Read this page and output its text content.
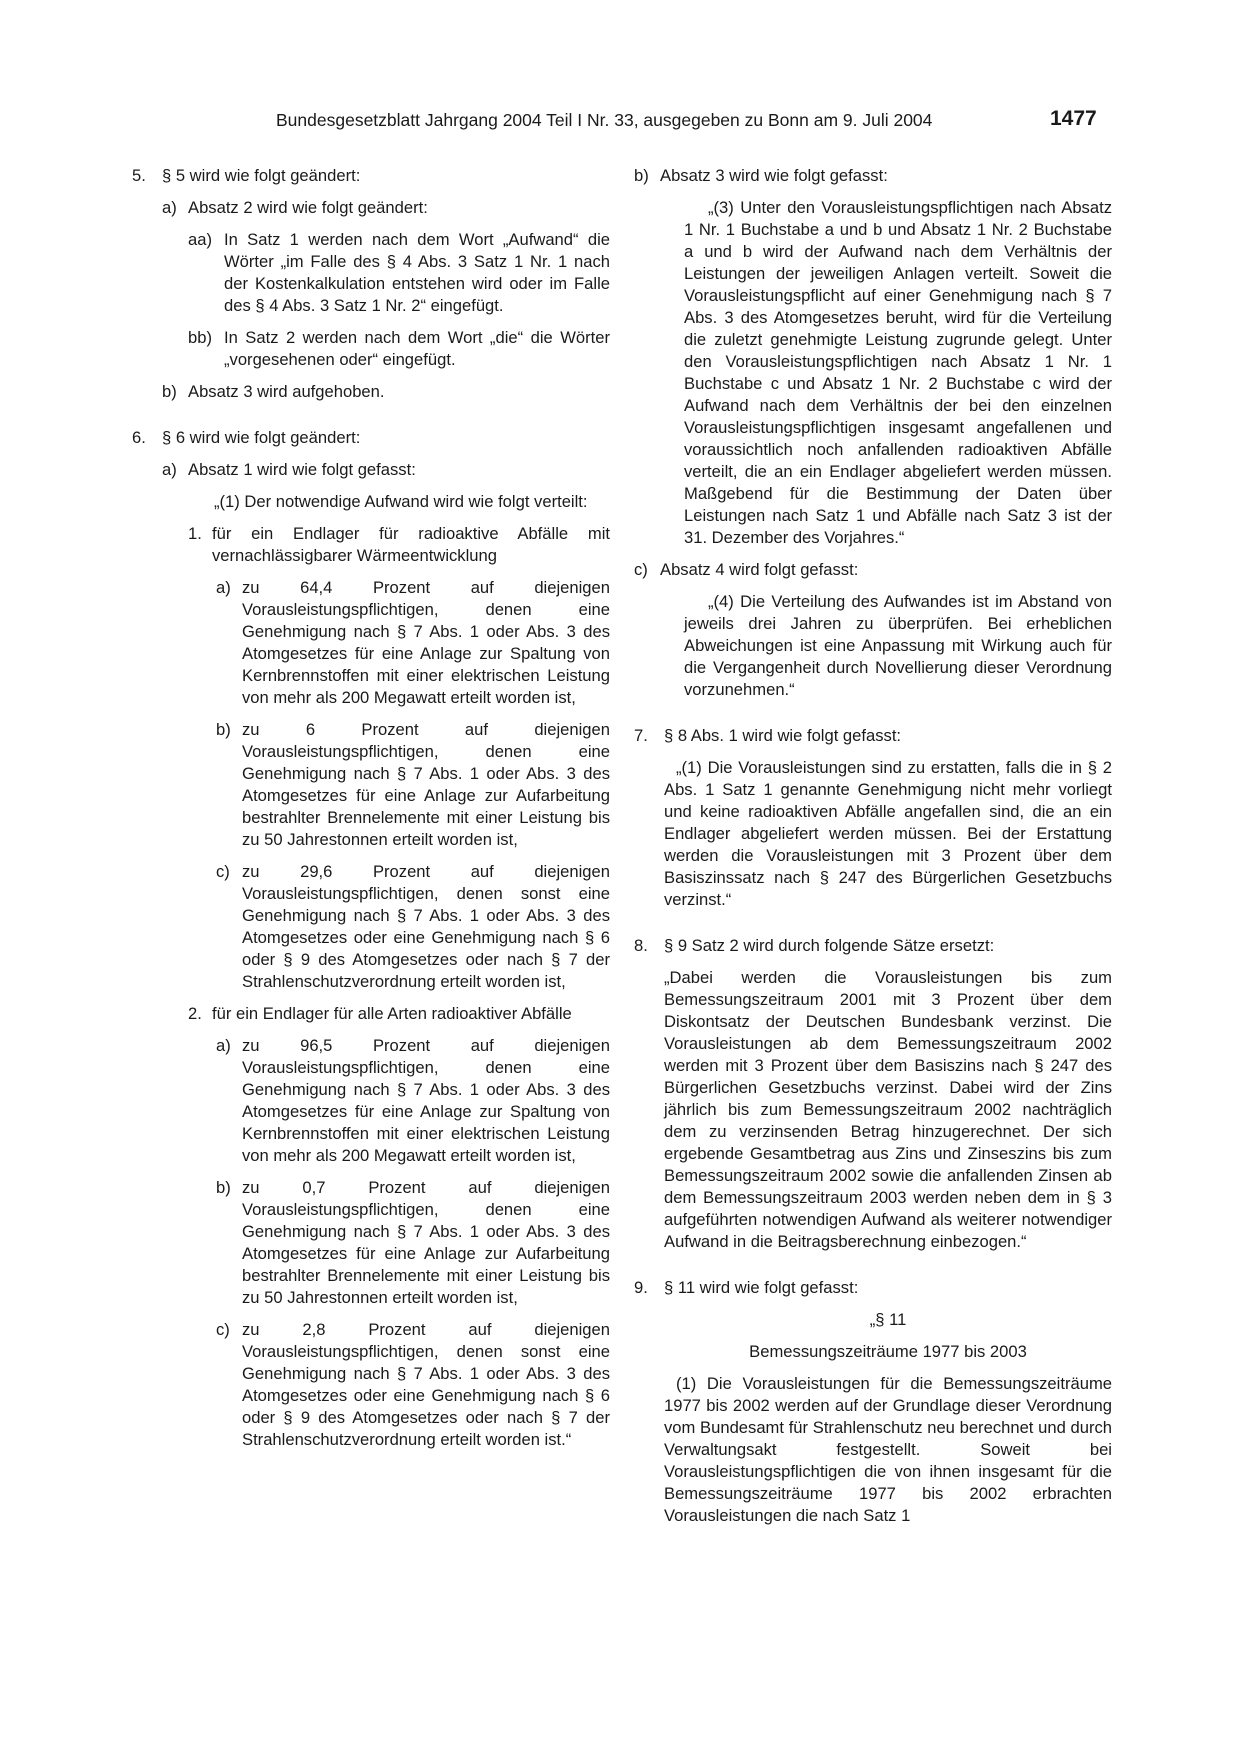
Bundesgesetzblatt Jahrgang 2004 Teil I Nr. 33, ausgegeben zu Bonn am 9. Juli 2004	1477
5. § 5 wird wie folgt geändert:
a) Absatz 2 wird wie folgt geändert:
aa) In Satz 1 werden nach dem Wort „Aufwand“ die Wörter „im Falle des § 4 Abs. 3 Satz 1 Nr. 1 nach der Kostenkalkulation entstehen wird oder im Falle des § 4 Abs. 3 Satz 1 Nr. 2“ eingefügt.
bb) In Satz 2 werden nach dem Wort „die“ die Wörter „vorgesehenen oder“ eingefügt.
b) Absatz 3 wird aufgehoben.
6. § 6 wird wie folgt geändert:
a) Absatz 1 wird wie folgt gefasst:
„(1) Der notwendige Aufwand wird wie folgt verteilt:
1. für ein Endlager für radioaktive Abfälle mit vernachlässigbarer Wärmeentwicklung
a) zu 64,4 Prozent auf diejenigen Vorausleistungspflichtigen, denen eine Genehmigung nach § 7 Abs. 1 oder Abs. 3 des Atomgesetzes für eine Anlage zur Spaltung von Kernbrennstoffen mit einer elektrischen Leistung von mehr als 200 Megawatt erteilt worden ist,
b) zu 6 Prozent auf diejenigen Vorausleistungspflichtigen, denen eine Genehmigung nach § 7 Abs. 1 oder Abs. 3 des Atomgesetzes für eine Anlage zur Aufarbeitung bestrahlter Brennelemente mit einer Leistung bis zu 50 Jahrestonnen erteilt worden ist,
c) zu 29,6 Prozent auf diejenigen Vorausleistungspflichtigen, denen sonst eine Genehmigung nach § 7 Abs. 1 oder Abs. 3 des Atomgesetzes oder eine Genehmigung nach § 6 oder § 9 des Atomgesetzes oder nach § 7 der Strahlenschutzverordnung erteilt worden ist,
2. für ein Endlager für alle Arten radioaktiver Abfälle
a) zu 96,5 Prozent auf diejenigen Vorausleistungspflichtigen, denen eine Genehmigung nach § 7 Abs. 1 oder Abs. 3 des Atomgesetzes für eine Anlage zur Spaltung von Kernbrennstoffen mit einer elektrischen Leistung von mehr als 200 Megawatt erteilt worden ist,
b) zu 0,7 Prozent auf diejenigen Vorausleistungspflichtigen, denen eine Genehmigung nach § 7 Abs. 1 oder Abs. 3 des Atomgesetzes für eine Anlage zur Aufarbeitung bestrahlter Brennelemente mit einer Leistung bis zu 50 Jahrestonnen erteilt worden ist,
c) zu 2,8 Prozent auf diejenigen Vorausleistungspflichtigen, denen sonst eine Genehmigung nach § 7 Abs. 1 oder Abs. 3 des Atomgesetzes oder eine Genehmigung nach § 6 oder § 9 des Atomgesetzes oder nach § 7 der Strahlenschutzverordnung erteilt worden ist.“
b) Absatz 3 wird wie folgt gefasst:
„(3) Unter den Vorausleistungspflichtigen nach Absatz 1 Nr. 1 Buchstabe a und b und Absatz 1 Nr. 2 Buchstabe a und b wird der Aufwand nach dem Verhältnis der Leistungen der jeweiligen Anlagen verteilt. Soweit die Vorausleistungspflicht auf einer Genehmigung nach § 7 Abs. 3 des Atomgesetzes beruht, wird für die Verteilung die zuletzt genehmigte Leistung zugrunde gelegt. Unter den Vorausleistungspflichtigen nach Absatz 1 Nr. 1 Buchstabe c und Absatz 1 Nr. 2 Buchstabe c wird der Aufwand nach dem Verhältnis der bei den einzelnen Vorausleistungspflichtigen insgesamt angefallenen und voraussichtlich noch anfallenden radioaktiven Abfälle verteilt, die an ein Endlager abgeliefert werden müssen. Maßgebend für die Bestimmung der Daten über Leistungen nach Satz 1 und Abfälle nach Satz 3 ist der 31. Dezember des Vorjahres.“
c) Absatz 4 wird folgt gefasst:
„(4) Die Verteilung des Aufwandes ist im Abstand von jeweils drei Jahren zu überprüfen. Bei erheblichen Abweichungen ist eine Anpassung mit Wirkung auch für die Vergangenheit durch Novellierung dieser Verordnung vorzunehmen.“
7. § 8 Abs. 1 wird wie folgt gefasst:
„(1) Die Vorausleistungen sind zu erstatten, falls die in § 2 Abs. 1 Satz 1 genannte Genehmigung nicht mehr vorliegt und keine radioaktiven Abfälle angefallen sind, die an ein Endlager abgeliefert werden müssen. Bei der Erstattung werden die Vorausleistungen mit 3 Prozent über dem Basiszinssatz nach § 247 des Bürgerlichen Gesetzbuchs verzinst.“
8. § 9 Satz 2 wird durch folgende Sätze ersetzt:
„Dabei werden die Vorausleistungen bis zum Bemessungszeitraum 2001 mit 3 Prozent über dem Diskontsatz der Deutschen Bundesbank verzinst. Die Vorausleistungen ab dem Bemessungszeitraum 2002 werden mit 3 Prozent über dem Basiszins nach § 247 des Bürgerlichen Gesetzbuchs verzinst. Dabei wird der Zins jährlich bis zum Bemessungszeitraum 2002 nachträglich dem zu verzinsenden Betrag hinzugerechnet. Der sich ergebende Gesamtbetrag aus Zins und Zinseszins bis zum Bemessungszeitraum 2002 sowie die anfallenden Zinsen ab dem Bemessungszeitraum 2003 werden neben dem in § 3 aufgeführten notwendigen Aufwand als weiterer notwendiger Aufwand in die Beitragsberechnung einbezogen.“
9. § 11 wird wie folgt gefasst:
„§ 11
Bemessungszeiträume 1977 bis 2003
(1) Die Vorausleistungen für die Bemessungszeiträume 1977 bis 2002 werden auf der Grundlage dieser Verordnung vom Bundesamt für Strahlenschutz neu berechnet und durch Verwaltungsakt festgestellt. Soweit bei Vorausleistungspflichtigen die von ihnen insgesamt für die Bemessungszeiträume 1977 bis 2002 erbrachten Vorausleistungen die nach Satz 1
